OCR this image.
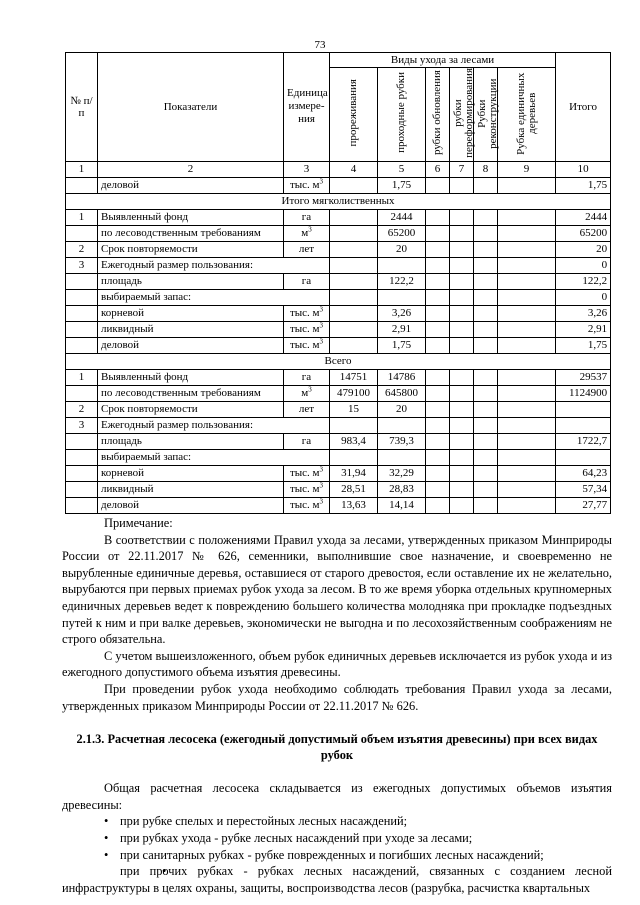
73
№ п/п	Показатели	Единица измере-ния	Виды ухода за лесами						Итого
			прореживания	проходные рубки	рубки обновления	рубки переформирования	Рубки реконструкции	Рубка единичных деревьев	
1	2	3	4	5	6	7	8	9	10
	деловой	тыс. $м^3$		1,75					1,75
Итого мягколиственных									
1	Выявленный фонд	га		2444					2444
	по лесоводственным требованиям	$м^3$		65200					65200
2	Срок повторяемости	лет		20					20
3	Ежегодный размер пользования:								0
	площадь	га		122,2					122,2
	выбираемый запас:								0
	корневой	тыс. $м^3$		3,26					3,26
	ликвидный	тыс. $м^3$		2,91					2,91
	деловой	тыс. $м^3$		1,75					1,75
Всего									
1	Выявленный фонд	га	14751	14786					29537
	по лесоводственным требованиям	$м^3$	479100	645800					1124900
2	Срок повторяемости	лет	15	20					
3	Ежегодный размер пользования:								
	площадь	га	983,4	739,3					1722,7
	выбираемый запас:								
	корневой	тыс. $м^3$	31,94	32,29					64,23
	ликвидный	тыс. $м^3$	28,51	28,83					57,34
	деловой	тыс. $м^3$	13,63	14,14					27,77

Примечание:

В соответствии с положениями Правил ухода за лесами, утвержденных приказом Минприроды России от 22.11.2017 № 626, семенники, выполнившие свое назначение, и своевременно не вырубленные единичные деревья, оставшиеся от старого древостоя, если оставление их не желательно, вырубаются при первых приемах рубок ухода за лесом. В то же время уборка отдельных крупномерных единичных деревьев ведет к повреждению большего количества молодняка при прокладке подъездных путей к ним и при валке деревьев, экономически не выгодна и по лесохозяйственным соображениям не строго обязательна.

С учетом вышеизложенного, объем рубок единичных деревьев исключается из рубок ухода и из ежегодного допустимого объема изъятия древесины.

При проведении рубок ухода необходимо соблюдать требования Правил ухода за лесами, утвержденных приказом Минприроды России от 22.11.2017 № 626.

2.1.3. Расчетная лесосека (ежегодный допустимый объем изъятия древесины) при всех видах рубок

Общая расчетная лесосека складывается из ежегодных допустимых объемов изъятия древесины:

• при рубке спелых и перестойных лесных насаждений;
• при рубках ухода - рубке лесных насаждений при уходе за лесами;
• при санитарных рубках - рубке поврежденных и погибших лесных насаждений;
• при прочих рубках - рубках лесных насаждений, связанных с созданием лесной инфраструктуры в целях охраны, защиты, воспроизводства лесов (разрубка, расчистка квартальных
